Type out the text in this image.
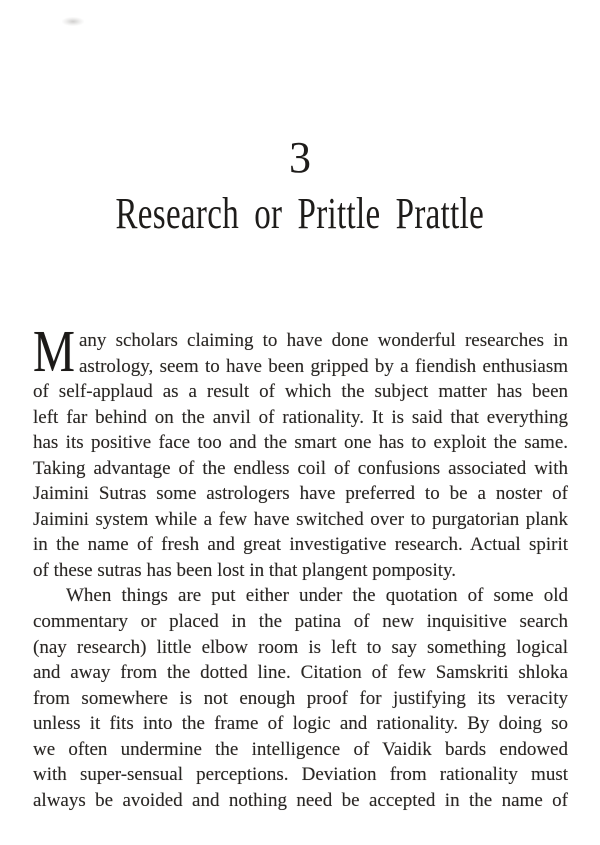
3
Research or Prittle Prattle
M any scholars claiming to have done wonderful researches in
astrology, seem to have been gripped by a fiendish enthusiasm
of self-applaud as a result of which the subject matter has been
left far behind on the anvil of rationality. It is said that everything
has its positive face too and the smart one has to exploit the same.
Taking advantage of the endless coil of confusions associated with
Jaimini Sutras some astrologers have preferred to be a noster of
Jaimini system while a few have switched over to purgatorian plank
in the name of fresh and great investigative research. Actual spirit
of these sutras has been lost in that plangent pomposity.
When things are put either under the quotation of some old
commentary or placed in the patina of new inquisitive search
(nay research) little elbow room is left to say something logical
and away from the dotted line. Citation of few Samskriti shloka
from somewhere is not enough proof for justifying its veracity
unless it fits into the frame of logic and rationality. By doing so
we often undermine the intelligence of Vaidik bards endowed
with super-sensual perceptions. Deviation from rationality must
always be avoided and nothing need be accepted in the name of
